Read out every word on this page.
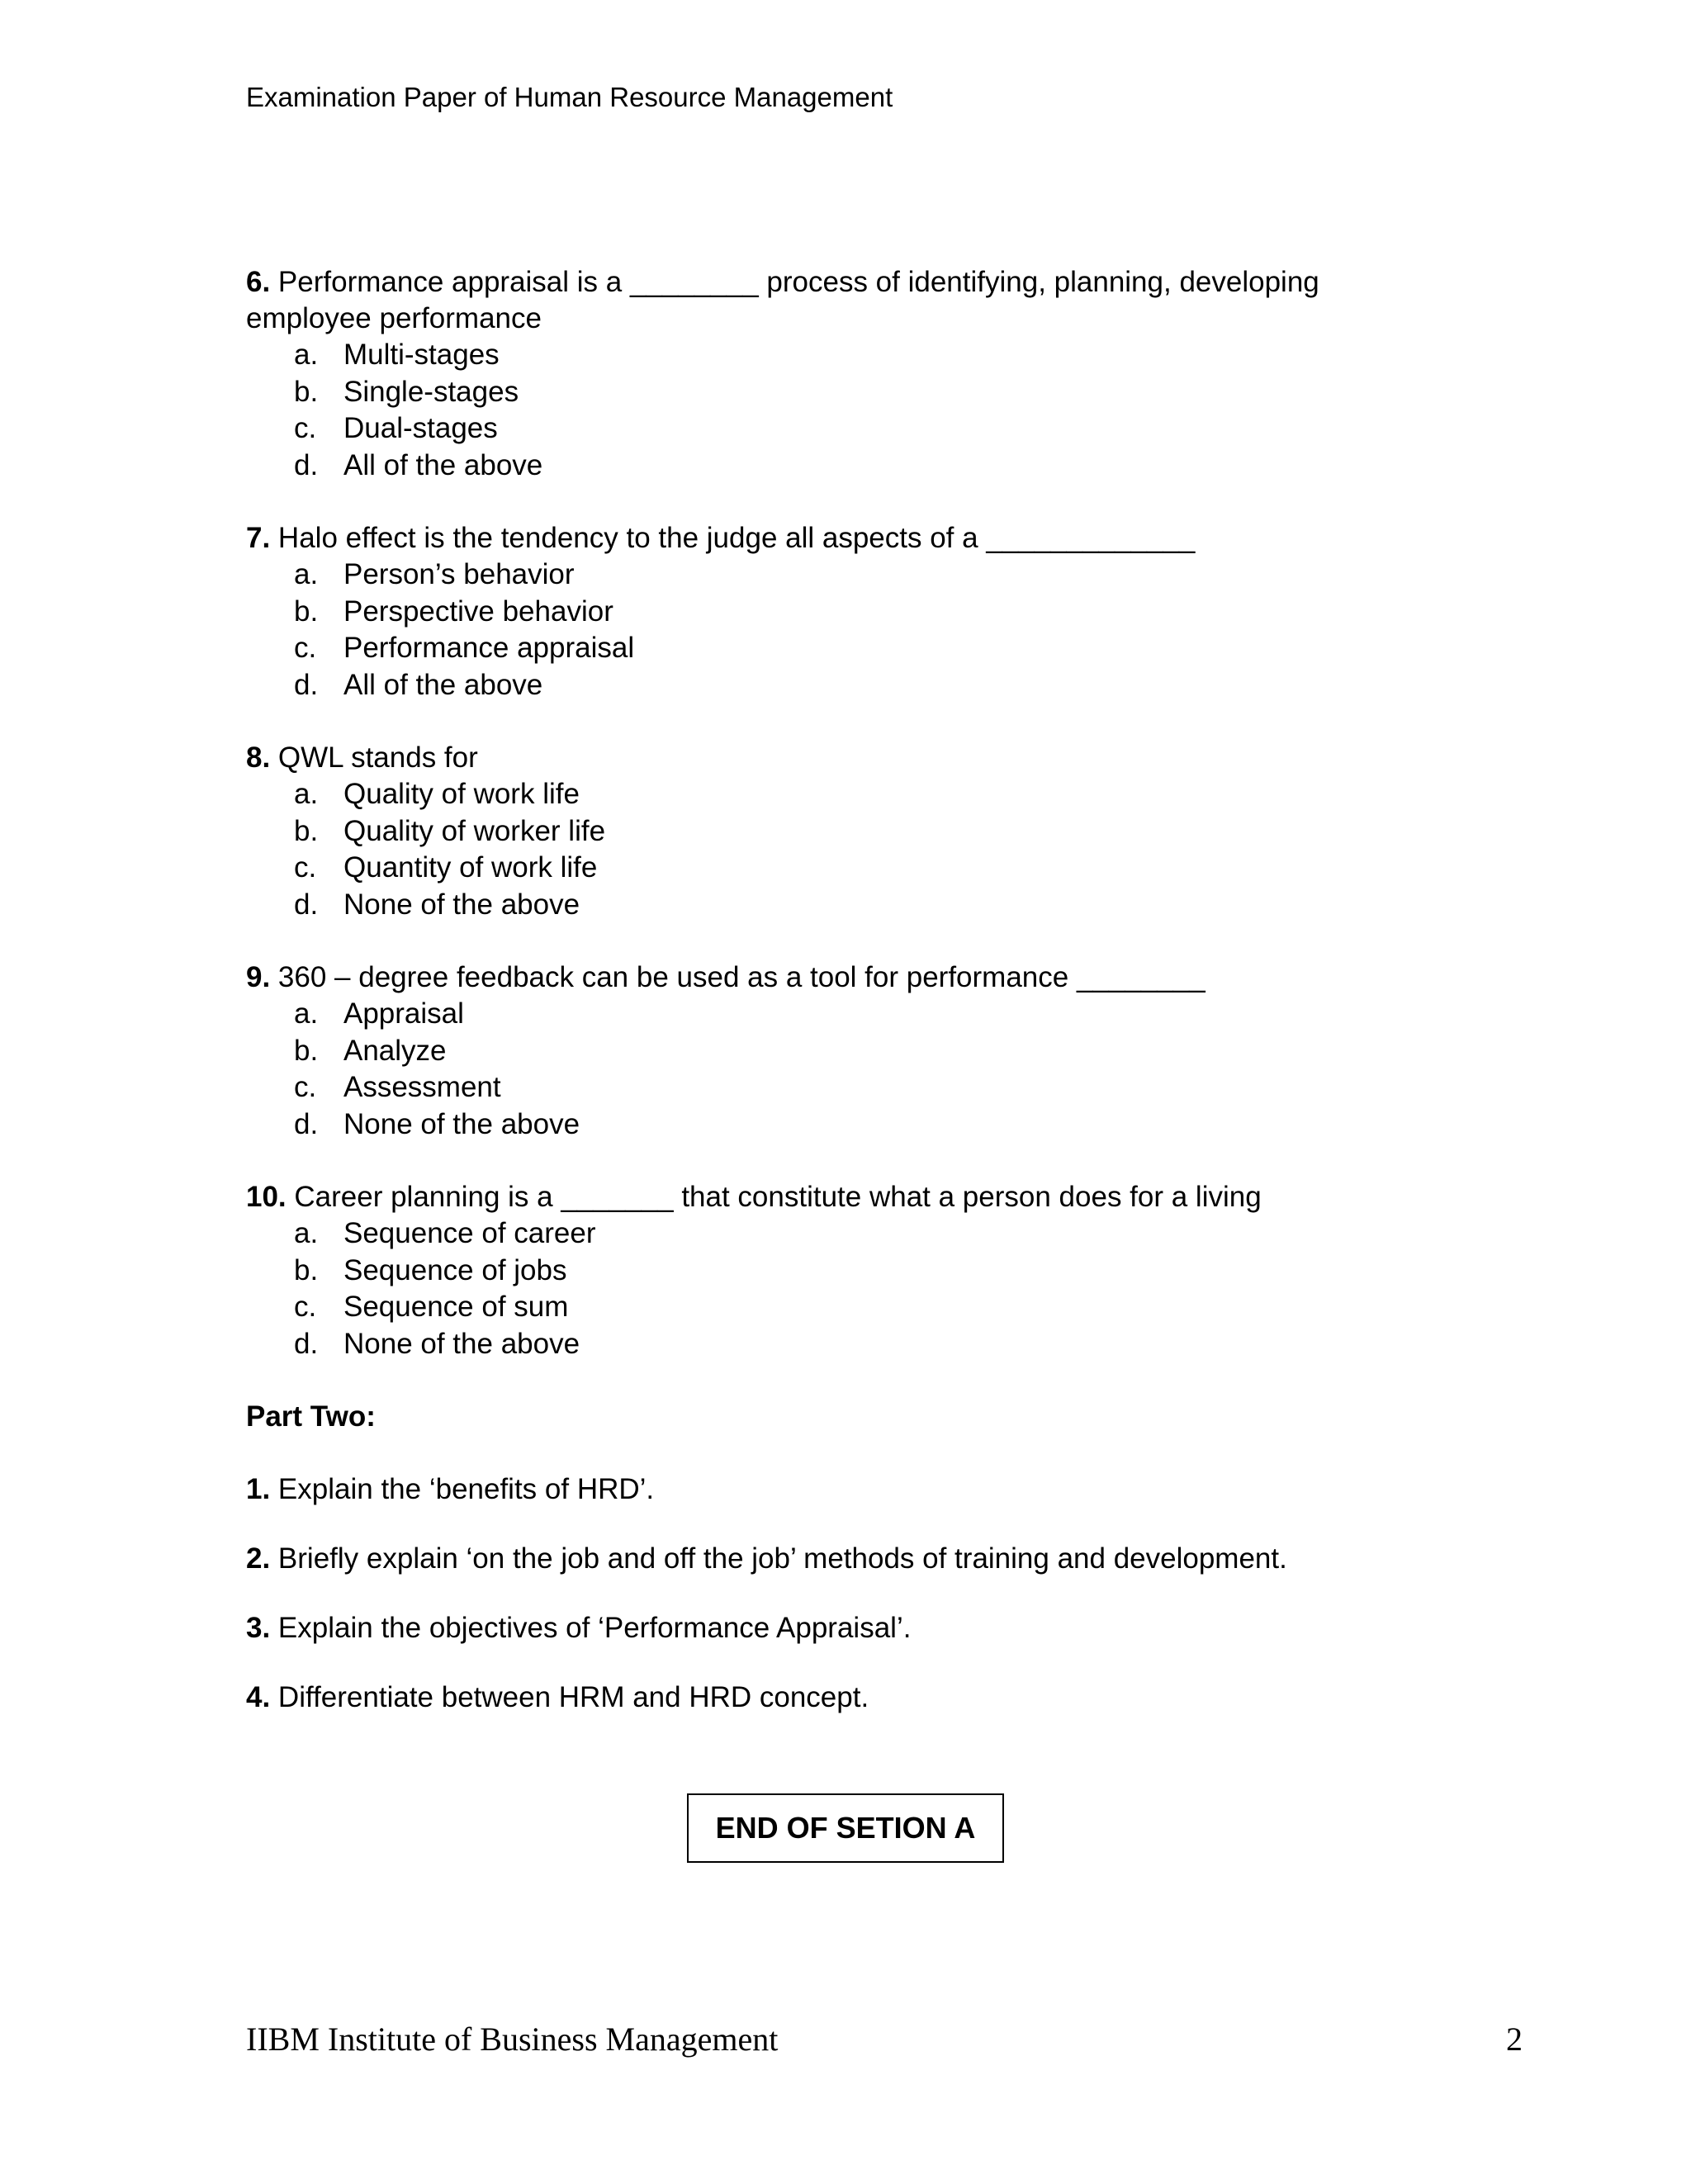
Examination Paper of Human Resource Management
6. Performance appraisal is a ________ process of identifying, planning, developing employee performance
a. Multi-stages
b. Single-stages
c. Dual-stages
d. All of the above
7. Halo effect is the tendency to the judge all aspects of a _____________
a. Person’s behavior
b. Perspective behavior
c. Performance appraisal
d. All of the above
8. QWL stands for
a. Quality of work life
b. Quality of worker life
c. Quantity of work life
d. None of the above
9. 360 – degree feedback can be used as a tool for performance ________
a. Appraisal
b. Analyze
c. Assessment
d. None of the above
10. Career planning is a _______ that constitute what a person does for a living
a. Sequence of career
b. Sequence of jobs
c. Sequence of sum
d. None of the above
Part Two:
1. Explain the ‘benefits of HRD’.
2. Briefly explain ‘on the job and off the job’ methods of training and development.
3. Explain the objectives of ‘Performance Appraisal’.
4. Differentiate between HRM and HRD concept.
END OF SETION A
IIBM Institute of Business Management	2
